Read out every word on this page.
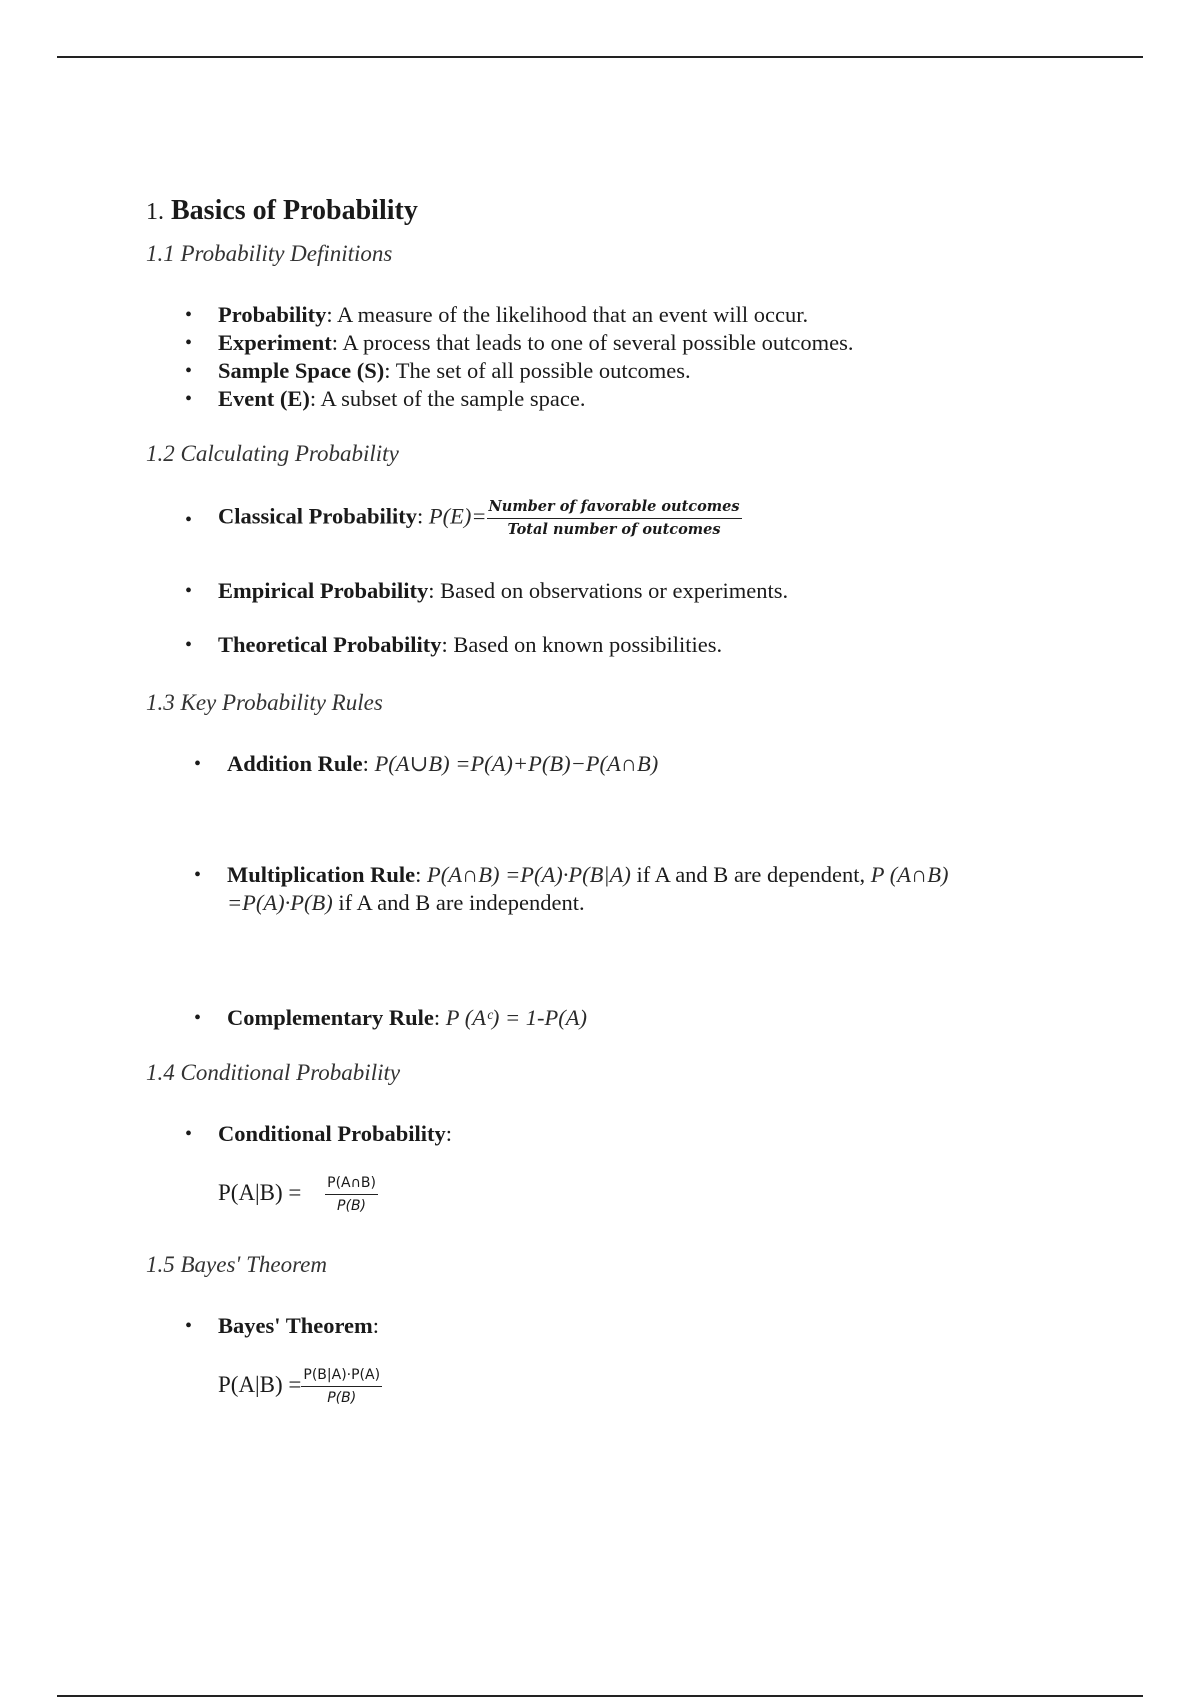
1. Basics of Probability
1.1 Probability Definitions
• Probability: A measure of the likelihood that an event will occur.
• Experiment: A process that leads to one of several possible outcomes.
• Sample Space (S): The set of all possible outcomes.
• Event (E): A subset of the sample space.
1.2 Calculating Probability
• Classical Probability: $P(E)= \frac{\text{Number of favorable outcomes}}{\text{Total number of outcomes}}$
• Empirical Probability: Based on observations or experiments.
• Theoretical Probability: Based on known possibilities.
1.3 Key Probability Rules
• Addition Rule: P(A∪B) =P(A)+P(B)−P(A∩B)
• Multiplication Rule: P(A∩B) =P(A)·P(B|A) if A and B are dependent, P (A∩B)
=P(A)·P(B) if A and B are independent.
• Complementary Rule: P (Aᶜ) = 1-P(A)
1.4 Conditional Probability
• Conditional Probability:
$P(A|B) = \frac{P(A\cap B)}{P(B)}$
1.5 Bayes' Theorem
• Bayes' Theorem:
$P(A|B) = \frac{P(B|A)\cdot P(A)}{P(B)}$
